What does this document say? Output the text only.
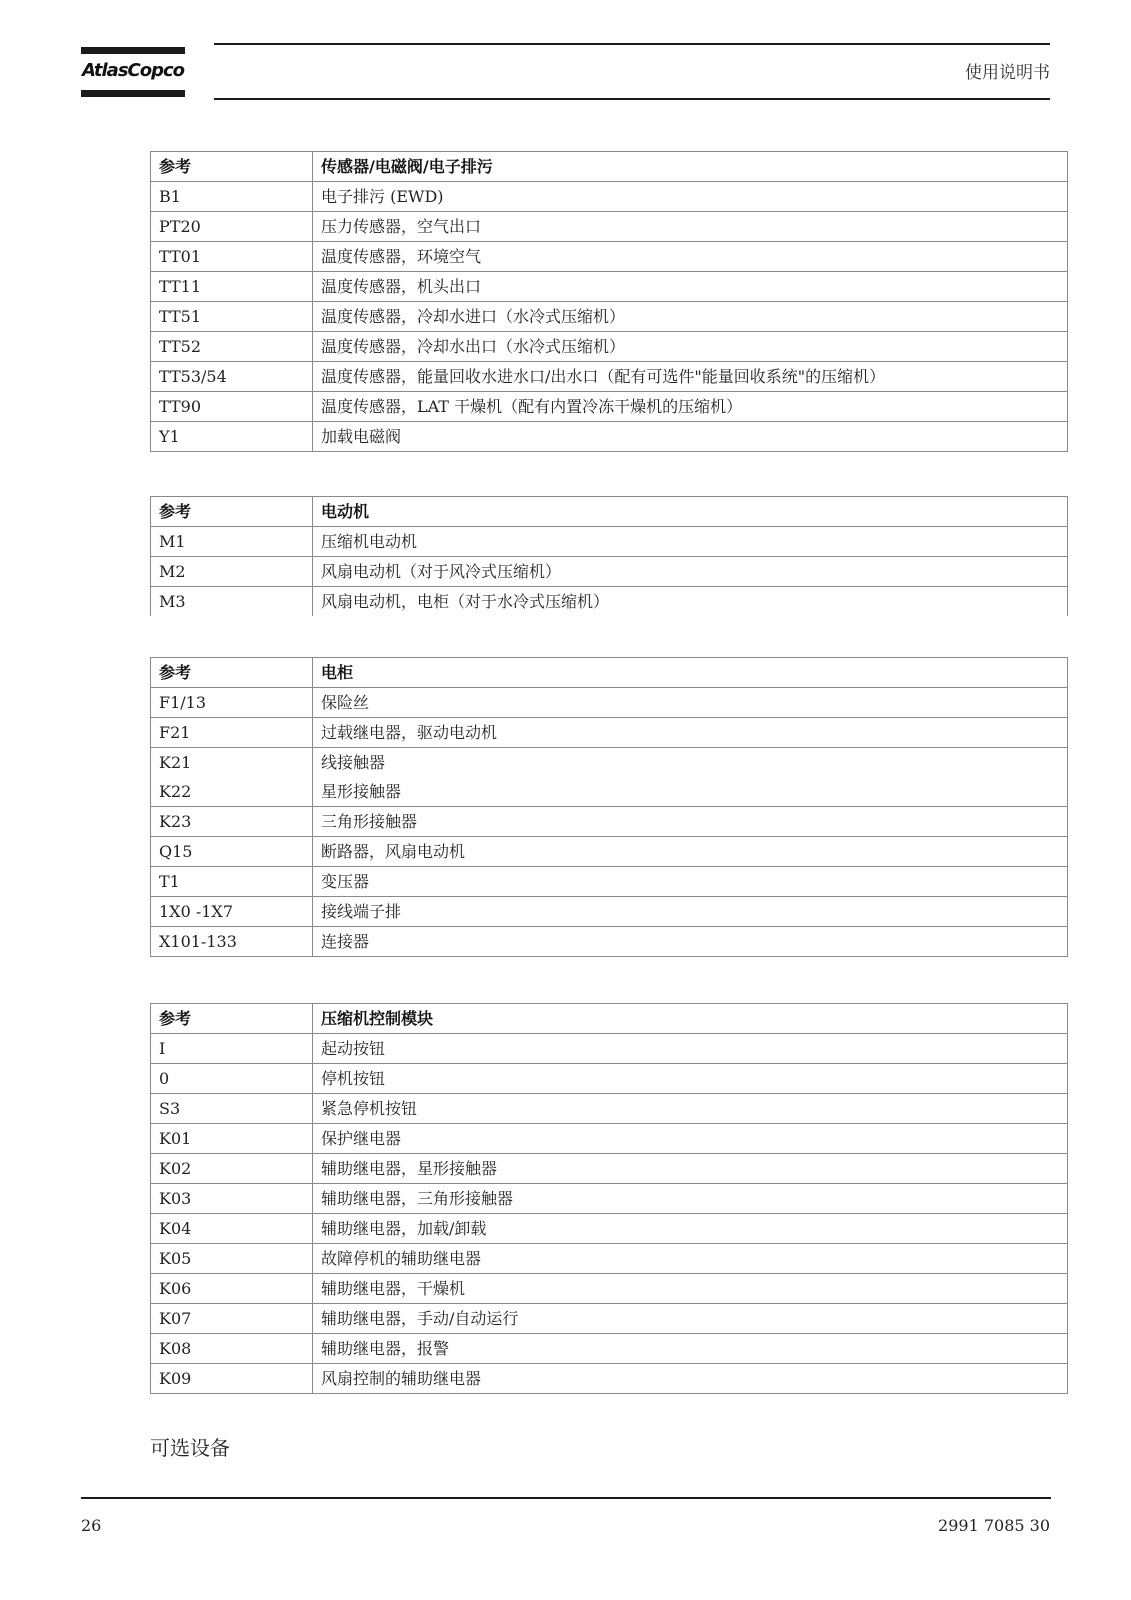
AtlasCopco	使用说明书
参考	传感器/电磁阀/电子排污
B1	电子排污 (EWD)
PT20	压力传感器，空气出口
TT01	温度传感器，环境空气
TT11	温度传感器，机头出口
TT51	温度传感器，冷却水进口（水冷式压缩机）
TT52	温度传感器，冷却水出口（水冷式压缩机）
TT53/54	温度传感器，能量回收水进水口/出水口（配有可选件"能量回收系统"的压缩机）
TT90	温度传感器，LAT 干燥机（配有内置冷冻干燥机的压缩机）
Y1	加载电磁阀
参考	电动机
M1	压缩机电动机
M2	风扇电动机（对于风冷式压缩机）
M3	风扇电动机，电柜（对于水冷式压缩机）
参考	电柜
F1/13	保险丝
F21	过载继电器，驱动电动机
K21	线接触器
K22	星形接触器
K23	三角形接触器
Q15	断路器，风扇电动机
T1	变压器
1X0 -1X7	接线端子排
X101-133	连接器
参考	压缩机控制模块
I	起动按钮
0	停机按钮
S3	紧急停机按钮
K01	保护继电器
K02	辅助继电器，星形接触器
K03	辅助继电器，三角形接触器
K04	辅助继电器，加载/卸载
K05	故障停机的辅助继电器
K06	辅助继电器，干燥机
K07	辅助继电器，手动/自动运行
K08	辅助继电器，报警
K09	风扇控制的辅助继电器
可选设备
26	2991 7085 30
